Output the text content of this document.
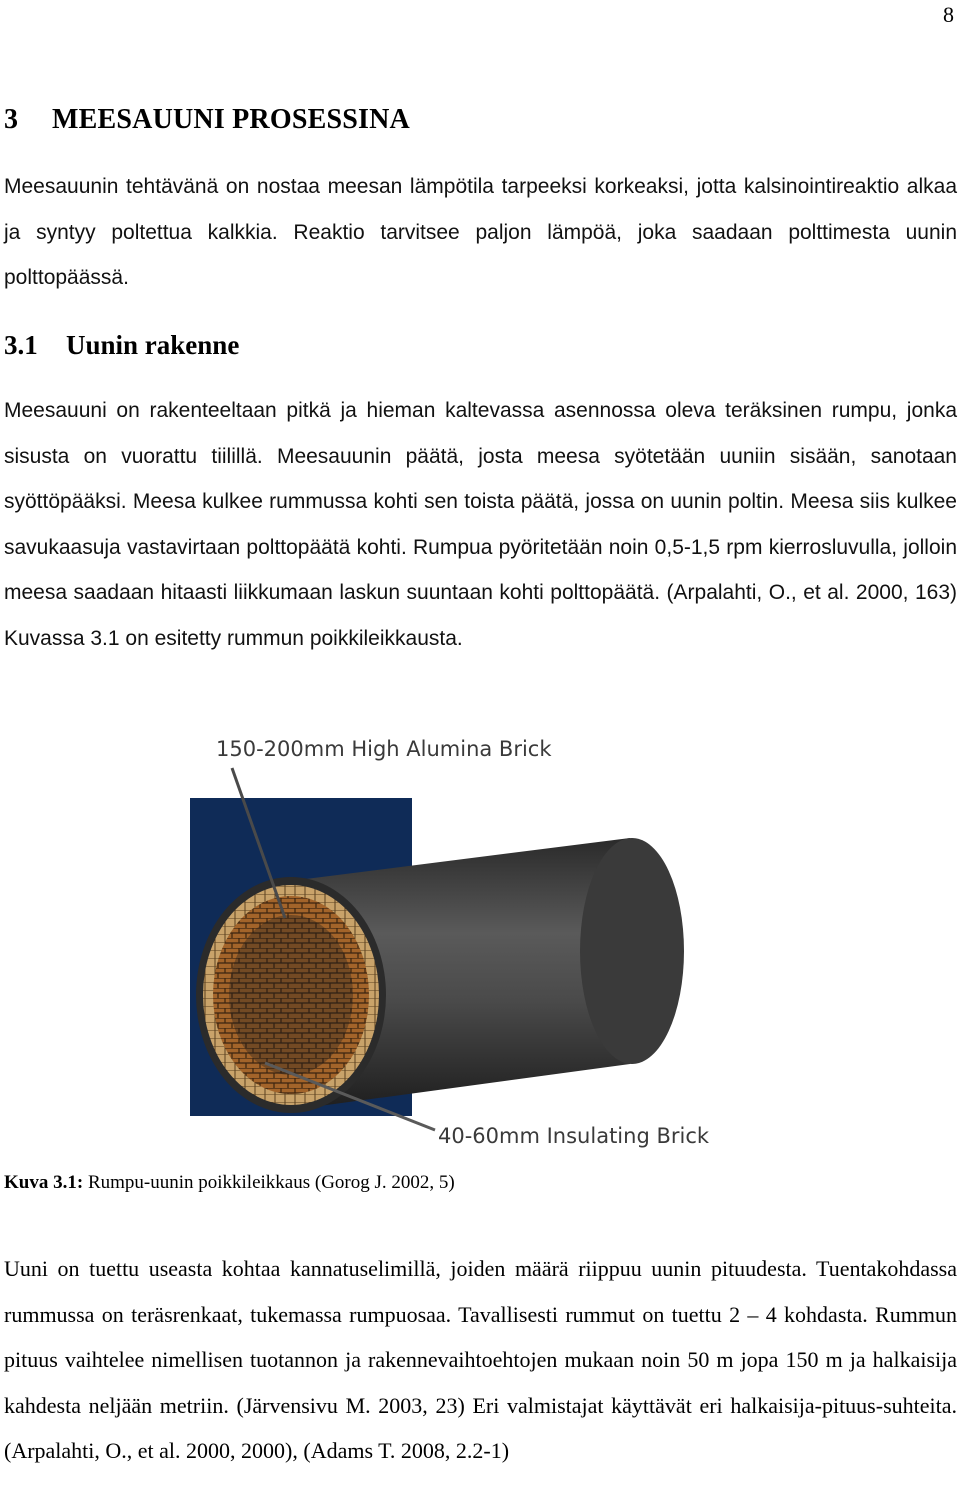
8
3 MEESAUUNI PROSESSINA

Meesauunin tehtävänä on nostaa meesan lämpötila tarpeeksi korkeaksi, jotta kalsinointireaktio alkaa ja syntyy poltettua kalkkia. Reaktio tarvitsee paljon lämpöä, joka saadaan polttimesta uunin polttopäässä.

3.1 Uunin rakenne

Meesauuni on rakenteeltaan pitkä ja hieman kaltevassa asennossa oleva teräksinen rumpu, jonka sisusta on vuorattu tiilillä. Meesauunin päätä, josta meesa syötetään uuniin sisään, sanotaan syöttöpääksi. Meesa kulkee rummussa kohti sen toista päätä, jossa on uunin poltin. Meesa siis kulkee savukaasuja vastavirtaan polttopäätä kohti. Rumpua pyöritetään noin 0,5-1,5 rpm kierrosluvulla, jolloin meesa saadaan hitaasti liikkumaan laskun suuntaan kohti polttopäätä. (Arpalahti, O., et al. 2000, 163) Kuvassa 3.1 on esitetty rummun poikkileikkausta.

150-200mm High Alumina Brick
40-60mm Insulating Brick
Kuva 3.1: Rumpu-uunin poikkileikkaus (Gorog J. 2002, 5)

Uuni on tuettu useasta kohtaa kannatuselimillä, joiden määrä riippuu uunin pituudesta. Tuentakohdassa rummussa on teräsrenkaat, tukemassa rumpuosaa. Tavallisesti rummut on tuettu 2 – 4 kohdasta. Rummun pituus vaihtelee nimellisen tuotannon ja rakennevaihtoehtojen mukaan noin 50 m jopa 150 m ja halkaisija kahdesta neljään metriin. (Järvensivu M. 2003, 23) Eri valmistajat käyttävät eri halkaisija-pituus-suhteita. (Arpalahti, O., et al. 2000, 2000), (Adams T. 2008, 2.2-1)
